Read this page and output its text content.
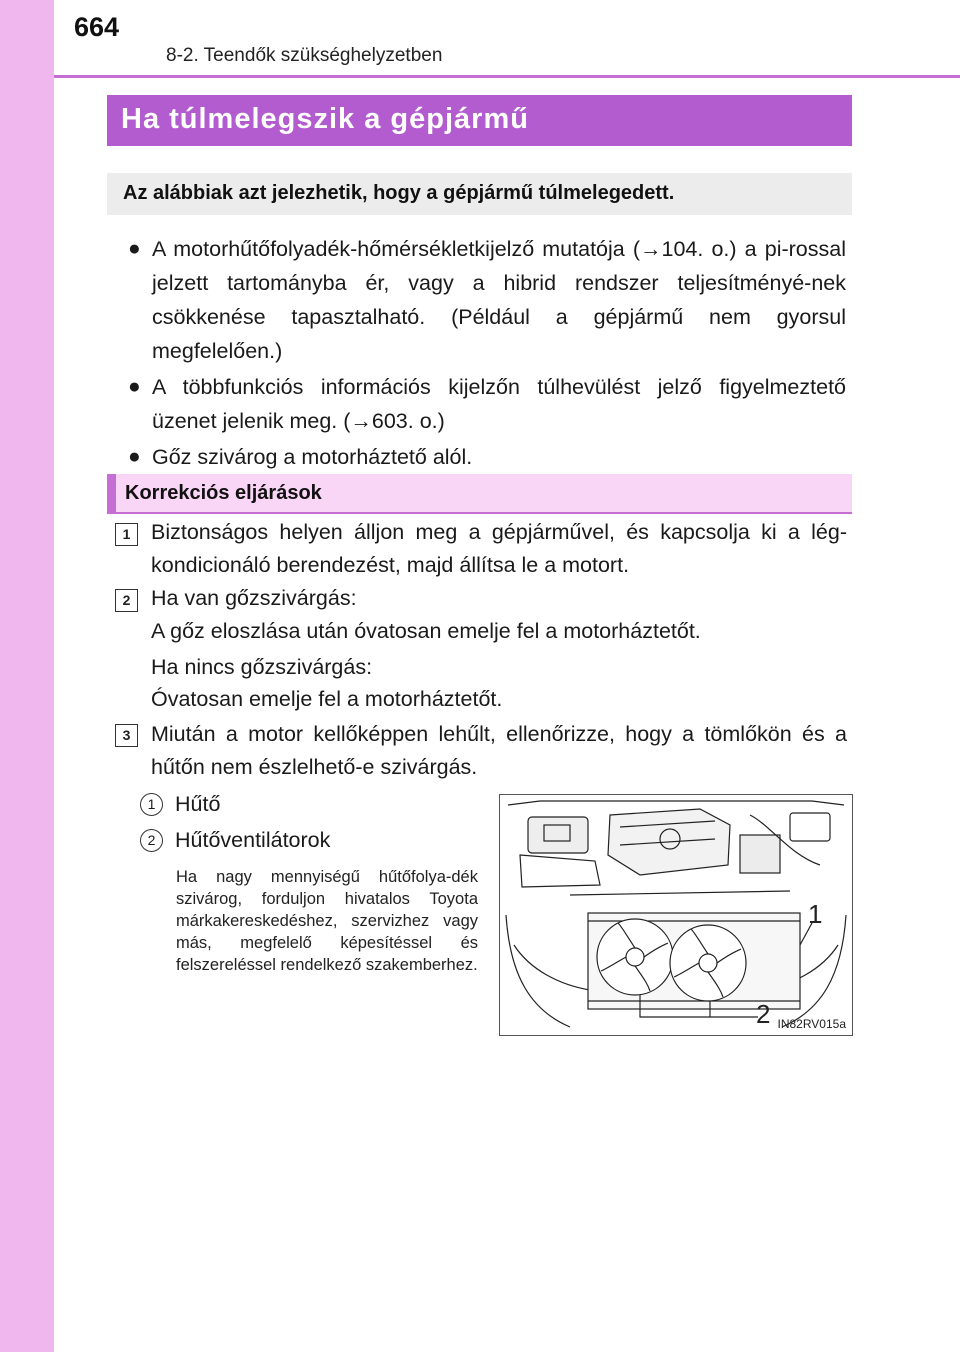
664
8-2. Teendők szükséghelyzetben
Ha túlmelegszik a gépjármű
Az alábbiak azt jelezhetik, hogy a gépjármű túlmelegedett.
● A motorhűtőfolyadék-hőmérsékletkijelző mutatója (→104. o.) a pi-rossal jelzett tartományba ér, vagy a hibrid rendszer teljesítményé-nek csökkenése tapasztalható. (Például a gépjármű nem gyorsul megfelelően.)
● A többfunkciós információs kijelzőn túlhevülést jelző figyelmeztető üzenet jelenik meg. (→603. o.)
● Gőz szivárog a motorháztető alól.
Korrekciós eljárások
1 Biztonságos helyen álljon meg a gépjárművel, és kapcsolja ki a lég-kondicionáló berendezést, majd állítsa le a motort.
2 Ha van gőzszivárgás:
A gőz eloszlása után óvatosan emelje fel a motorháztetőt.
Ha nincs gőzszivárgás:
Óvatosan emelje fel a motorháztetőt.
3 Miután a motor kellőképpen lehűlt, ellenőrizze, hogy a tömlőkön és a hűtőn nem észlelhető-e szivárgás.
1 Hűtő
2 Hűtőventilátorok
Ha nagy mennyiségű hűtőfolya-dék szivárog, forduljon hivatalos Toyota márkakereskedéshez, szervizhez vagy más, megfelelő képesítéssel és felszereléssel rendelkező szakemberhez.
1
2 IN82RV015a
